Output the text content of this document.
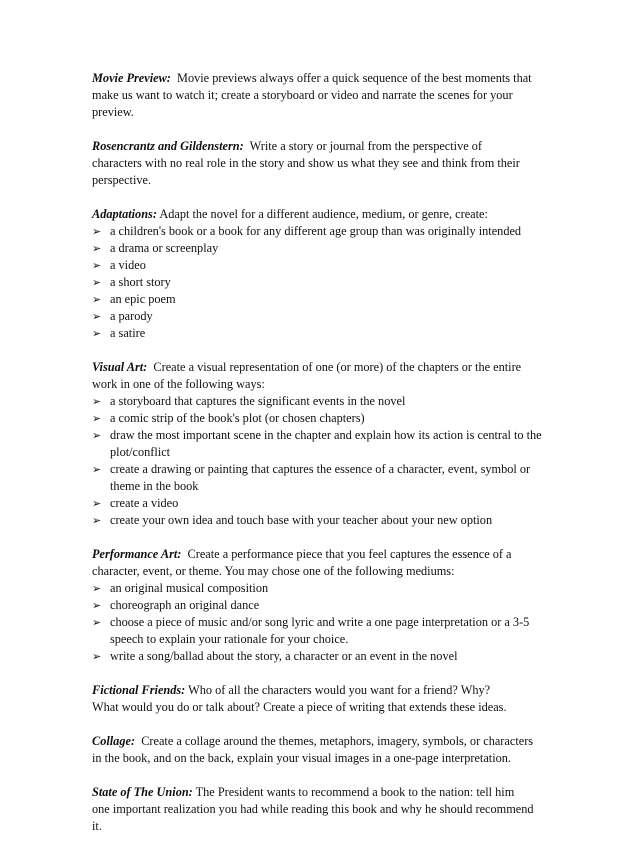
Movie Preview: Movie previews always offer a quick sequence of the best moments that
make us want to watch it; create a storyboard or video and narrate the scenes for your
preview.
Rosencrantz and Gildenstern: Write a story or journal from the perspective of
characters with no real role in the story and show us what they see and think from their
perspective.
Adaptations: Adapt the novel for a different audience, medium, or genre, create:
➢ a children's book or a book for any different age group than was originally intended
➢ a drama or screenplay
➢ a video
➢ a short story
➢ an epic poem
➢ a parody
➢ a satire
Visual Art: Create a visual representation of one (or more) of the chapters or the entire
work in one of the following ways:
➢ a storyboard that captures the significant events in the novel
➢ a comic strip of the book's plot (or chosen chapters)
➢ draw the most important scene in the chapter and explain how its action is central to the plot/conflict
➢ create a drawing or painting that captures the essence of a character, event, symbol or theme in the book
➢ create a video
➢ create your own idea and touch base with your teacher about your new option
Performance Art: Create a performance piece that you feel captures the essence of a
character, event, or theme. You may chose one of the following mediums:
➢ an original musical composition
➢ choreograph an original dance
➢ choose a piece of music and/or song lyric and write a one page interpretation or a 3-5 speech to explain your rationale for your choice.
➢ write a song/ballad about the story, a character or an event in the novel
Fictional Friends: Who of all the characters would you want for a friend? Why?
What would you do or talk about? Create a piece of writing that extends these ideas.
Collage: Create a collage around the themes, metaphors, imagery, symbols, or characters
in the book, and on the back, explain your visual images in a one-page interpretation.
State of The Union: The President wants to recommend a book to the nation: tell him
one important realization you had while reading this book and why he should recommend
it.
